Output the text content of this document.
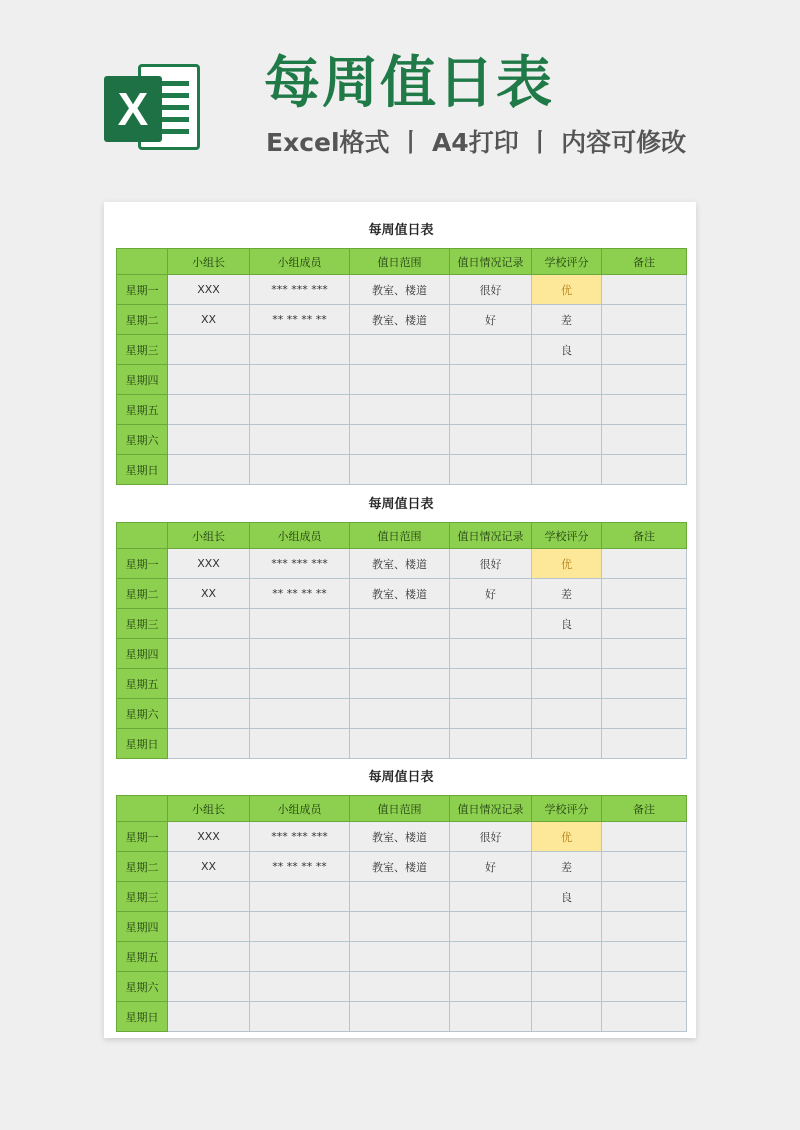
X 每周值日表
Excel格式 丨 A4打印 丨 内容可修改
每周值日表
	小组长	小组成员	值日范围	值日情况记录	学校评分	备注
星期一	XXX	*** *** ***	教室、楼道	很好	优	
星期二	XX	** ** ** **	教室、楼道	好	差	
星期三					良	
星期四						
星期五						
星期六						
星期日						
每周值日表
	小组长	小组成员	值日范围	值日情况记录	学校评分	备注
星期一	XXX	*** *** ***	教室、楼道	很好	优	
星期二	XX	** ** ** **	教室、楼道	好	差	
星期三					良	
星期四						
星期五						
星期六						
星期日						
每周值日表
	小组长	小组成员	值日范围	值日情况记录	学校评分	备注
星期一	XXX	*** *** ***	教室、楼道	很好	优	
星期二	XX	** ** ** **	教室、楼道	好	差	
星期三					良	
星期四						
星期五						
星期六						
星期日						
